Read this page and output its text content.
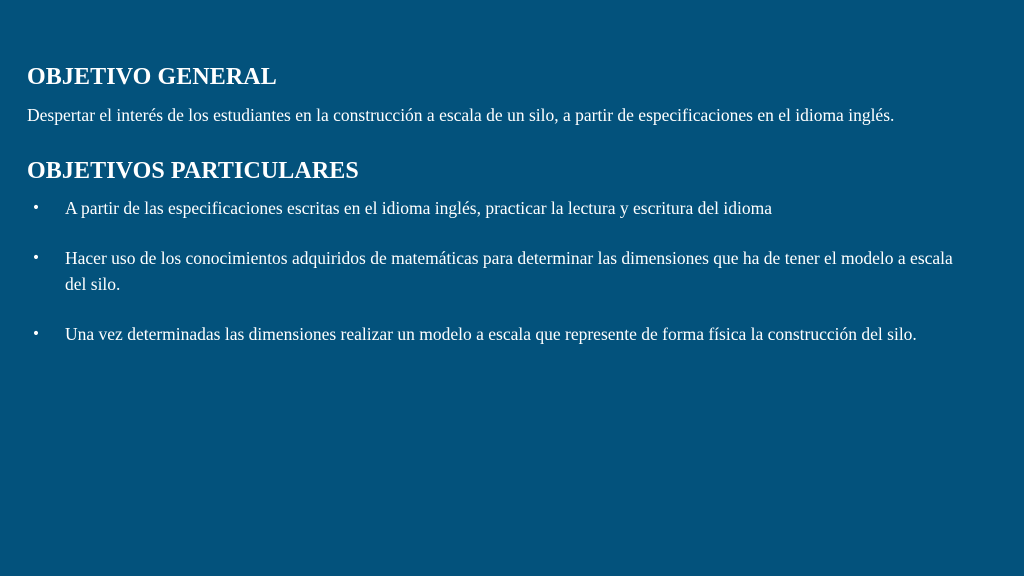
OBJETIVO GENERAL

Despertar el interés de los estudiantes en la construcción a escala de un silo, a partir de especificaciones en el idioma inglés.

OBJETIVOS PARTICULARES
• A partir de las especificaciones escritas en el idioma inglés, practicar la lectura y escritura del idioma
• Hacer uso de los conocimientos adquiridos de matemáticas para determinar las dimensiones que ha de tener el modelo a escala del silo.
• Una vez determinadas las dimensiones realizar un modelo a escala que represente de forma física la construcción del silo.
